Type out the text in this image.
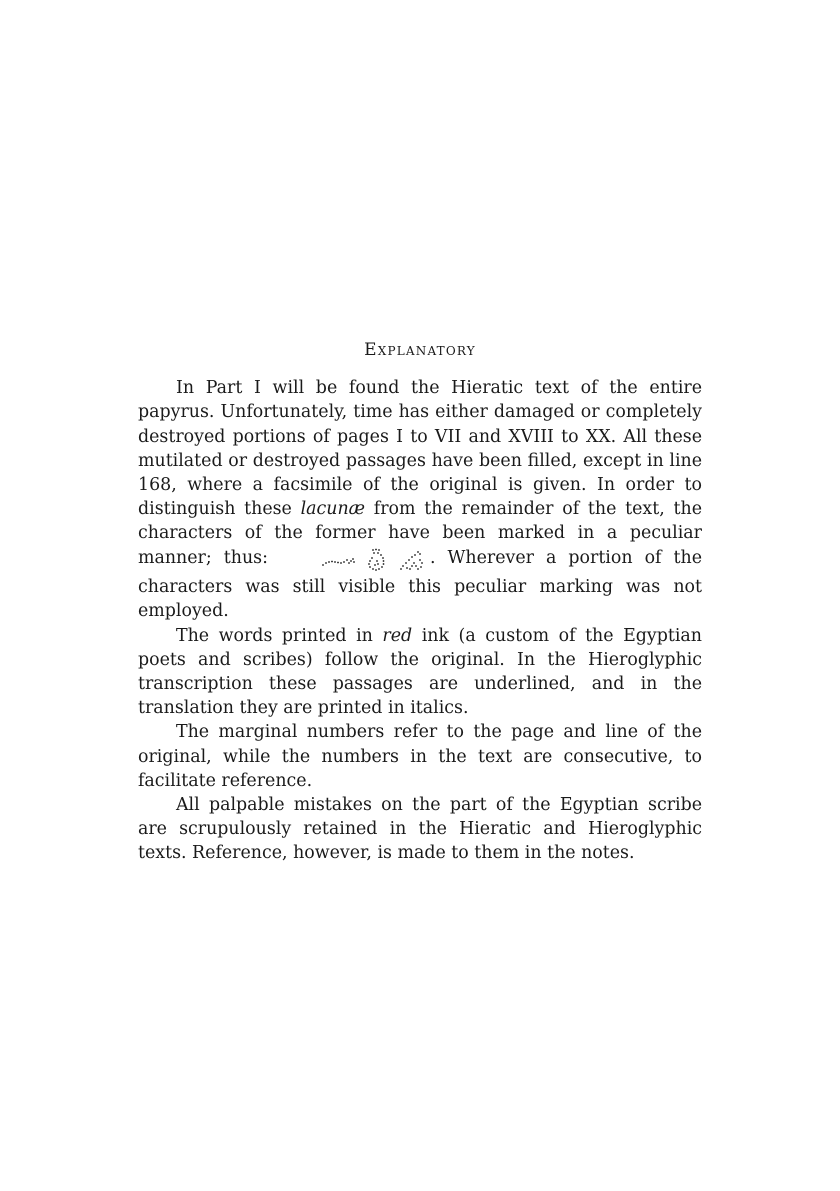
Explanatory

In Part I will be found the Hieratic text of the entire papyrus. Unfortunately, time has either damaged or completely destroyed portions of pages I to VII and XVIII to XX. All these mutilated or destroyed passages have been filled, except in line 168, where a facsimile of the original is given. In order to distinguish these lacunæ from the remainder of the text, the characters of the former have been marked in a peculiar manner; thus:	. Wherever a portion of the characters was still visible this peculiar marking was not employed.

The words printed in red ink (a custom of the Egyptian poets and scribes) follow the original. In the Hieroglyphic transcription these passages are underlined, and in the translation they are printed in italics.

The marginal numbers refer to the page and line of the original, while the numbers in the text are consecutive, to facilitate reference.

All palpable mistakes on the part of the Egyptian scribe are scrupulously retained in the Hieratic and Hieroglyphic texts. Reference, however, is made to them in the notes.
